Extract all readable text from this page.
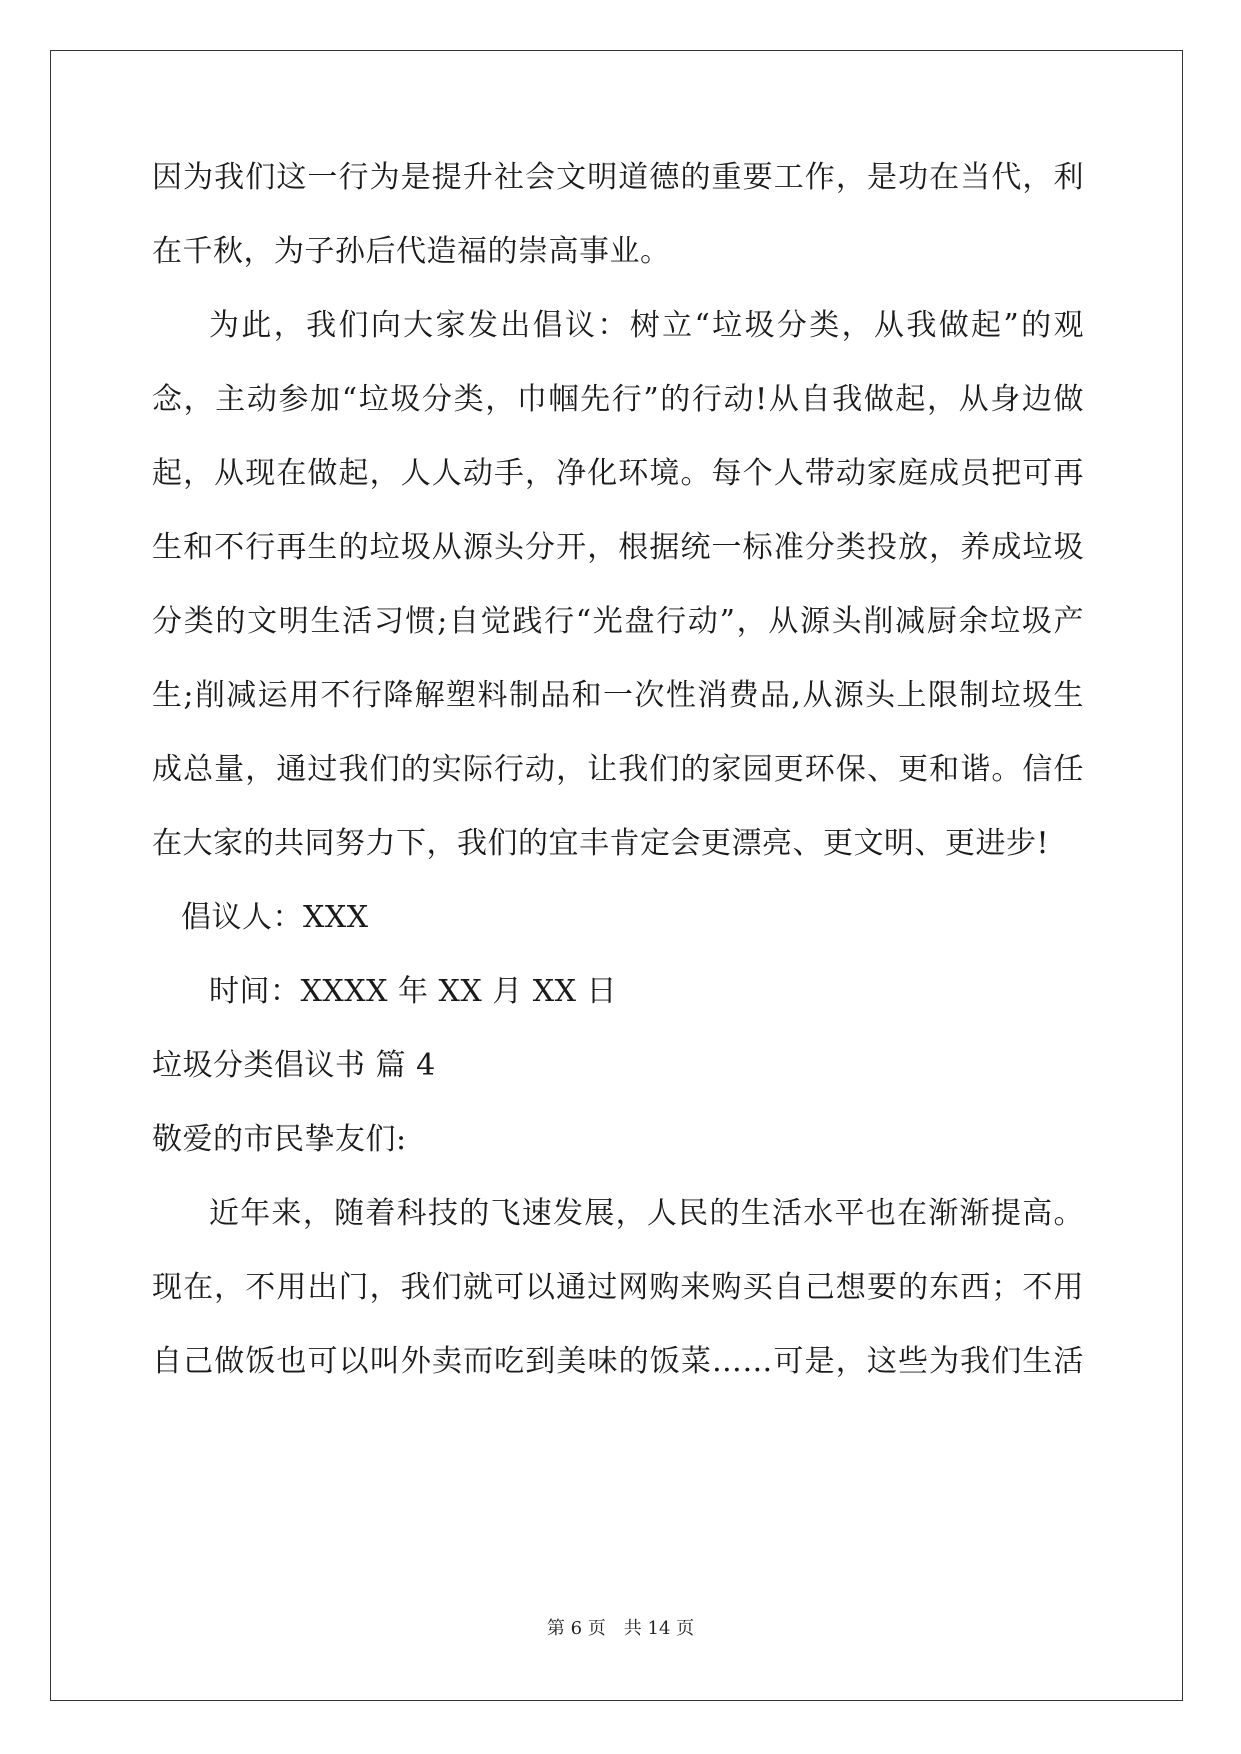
因为我们这一行为是提升社会文明道德的重要工作，是功在当代，利
在千秋，为子孙后代造福的崇高事业。
为此，我们向大家发出倡议：树立“垃圾分类，从我做起”的观
念，主动参加“垃圾分类，巾帼先行”的行动!从自我做起，从身边做
起，从现在做起，人人动手，净化环境。每个人带动家庭成员把可再
生和不行再生的垃圾从源头分开，根据统一标准分类投放，养成垃圾
分类的文明生活习惯;自觉践行“光盘行动”，从源头削减厨余垃圾产
生;削减运用不行降解塑料制品和一次性消费品,从源头上限制垃圾生
成总量，通过我们的实际行动，让我们的家园更环保、更和谐。信任
在大家的共同努力下，我们的宜丰肯定会更漂亮、更文明、更进步!
倡议人：XXX
时间：XXXX 年 XX 月 XX 日
垃圾分类倡议书 篇 4
敬爱的市民挚友们:
近年来，随着科技的飞速发展，人民的生活水平也在渐渐提高。
现在，不用出门，我们就可以通过网购来购买自己想要的东西；不用
自己做饭也可以叫外卖而吃到美味的饭菜……可是，这些为我们生活
第 6 页　共 14 页
